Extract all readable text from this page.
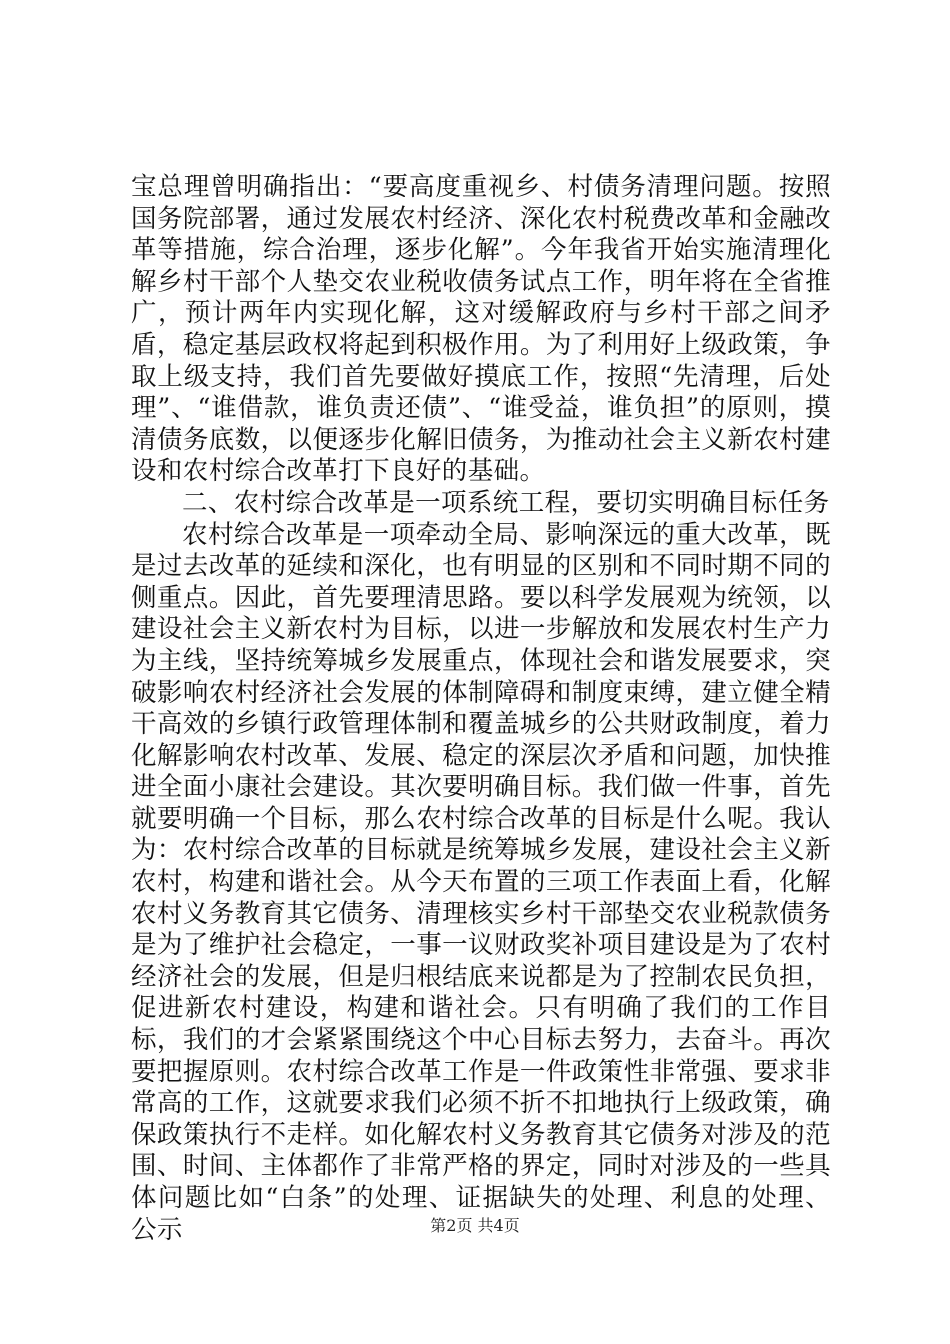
宝总理曾明确指出：“要高度重视乡、村债务清理问题。按照国务院部署，通过发展农村经济、深化农村税费改革和金融改革等措施，综合治理，逐步化解”。今年我省开始实施清理化解乡村干部个人垫交农业税收债务试点工作，明年将在全省推广，预计两年内实现化解，这对缓解政府与乡村干部之间矛盾，稳定基层政权将起到积极作用。为了利用好上级政策，争取上级支持，我们首先要做好摸底工作，按照“先清理，后处理”、“谁借款，谁负责还债”、“谁受益，谁负担”的原则，摸清债务底数，以便逐步化解旧债务，为推动社会主义新农村建设和农村综合改革打下良好的基础。

二、农村综合改革是一项系统工程，要切实明确目标任务

农村综合改革是一项牵动全局、影响深远的重大改革，既是过去改革的延续和深化，也有明显的区别和不同时期不同的侧重点。因此，首先要理清思路。要以科学发展观为统领，以建设社会主义新农村为目标，以进一步解放和发展农村生产力为主线，坚持统筹城乡发展重点，体现社会和谐发展要求，突破影响农村经济社会发展的体制障碍和制度束缚，建立健全精干高效的乡镇行政管理体制和覆盖城乡的公共财政制度，着力化解影响农村改革、发展、稳定的深层次矛盾和问题，加快推进全面小康社会建设。其次要明确目标。我们做一件事，首先就要明确一个目标，那么农村综合改革的目标是什么呢。我认为：农村综合改革的目标就是统筹城乡发展，建设社会主义新农村，构建和谐社会。从今天布置的三项工作表面上看，化解农村义务教育其它债务、清理核实乡村干部垫交农业税款债务是为了维护社会稳定，一事一议财政奖补项目建设是为了农村经济社会的发展，但是归根结底来说都是为了控制农民负担，促进新农村建设，构建和谐社会。只有明确了我们的工作目标，我们的才会紧紧围绕这个中心目标去努力，去奋斗。再次要把握原则。农村综合改革工作是一件政策性非常强、要求非常高的工作，这就要求我们必须不折不扣地执行上级政策，确保政策执行不走样。如化解农村义务教育其它债务对涉及的范围、时间、主体都作了非常严格的界定，同时对涉及的一些具体问题比如“白条”的处理、证据缺失的处理、利息的处理、公示	第2页 共4页
